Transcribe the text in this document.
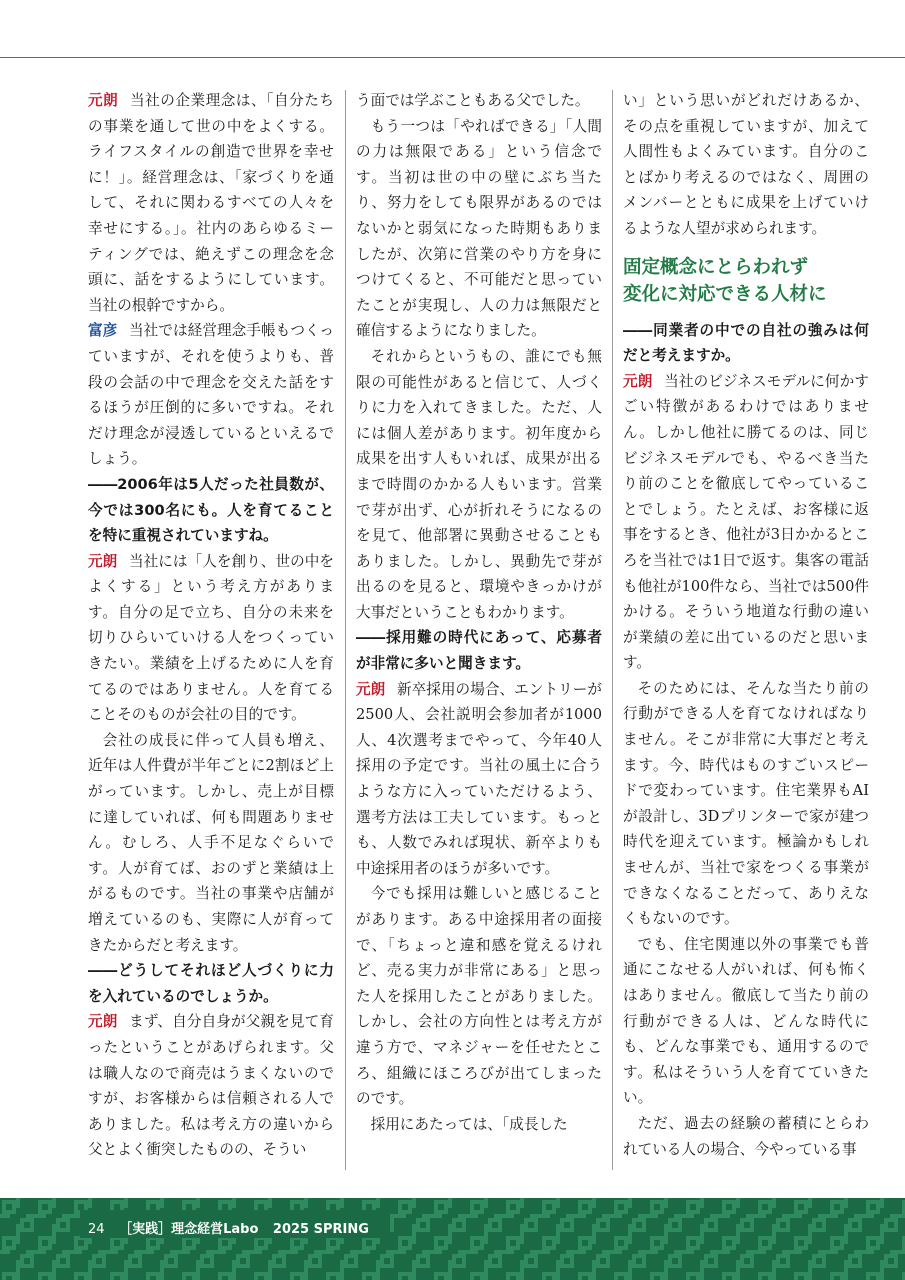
元朗 当社の企業理念は、「自分たちの事業を通して世の中をよくする。ライフスタイルの創造で世界を幸せに！」。経営理念は、「家づくりを通して、それに関わるすべての人々を幸せにする。」。社内のあらゆるミーティングでは、絶えずこの理念を念頭に、話をするようにしています。当社の根幹ですから。

富彦 当社では経営理念手帳もつくっていますが、それを使うよりも、普段の会話の中で理念を交えた話をするほうが圧倒的に多いですね。それだけ理念が浸透しているといえるでしょう。

――2006年は5人だった社員数が、今では300名にも。人を育てることを特に重視されていますね。

元朗 当社には「人を創り、世の中をよくする」という考え方があります。自分の足で立ち、自分の未来を切りひらいていける人をつくっていきたい。業績を上げるために人を育てるのではありません。人を育てることそのものが会社の目的です。

会社の成長に伴って人員も増え、近年は人件費が半年ごとに2割ほど上がっています。しかし、売上が目標に達していれば、何も問題ありません。むしろ、人手不足なぐらいです。人が育てば、おのずと業績は上がるものです。当社の事業や店舗が増えているのも、実際に人が育ってきたからだと考えます。

――どうしてそれほど人づくりに力を入れているのでしょうか。

元朗 まず、自分自身が父親を見て育ったということがあげられます。父は職人なので商売はうまくないのですが、お客様からは信頼される人でありました。私は考え方の違いから父とよく衝突したものの、そうい

う面では学ぶこともある父でした。

もう一つは「やればできる」「人間の力は無限である」という信念です。当初は世の中の壁にぶち当たり、努力をしても限界があるのではないかと弱気になった時期もありましたが、次第に営業のやり方を身につけてくると、不可能だと思っていたことが実現し、人の力は無限だと確信するようになりました。

それからというもの、誰にでも無限の可能性があると信じて、人づくりに力を入れてきました。ただ、人には個人差があります。初年度から成果を出す人もいれば、成果が出るまで時間のかかる人もいます。営業で芽が出ず、心が折れそうになるのを見て、他部署に異動させることもありました。しかし、異動先で芽が出るのを見ると、環境やきっかけが大事だということもわかります。

――採用難の時代にあって、応募者が非常に多いと聞きます。

元朗 新卒採用の場合、エントリーが2500人、会社説明会参加者が1000人、4次選考までやって、今年40人採用の予定です。当社の風土に合うような方に入っていただけるよう、選考方法は工夫しています。もっとも、人数でみれば現状、新卒よりも中途採用者のほうが多いです。

今でも採用は難しいと感じることがあります。ある中途採用者の面接で、「ちょっと違和感を覚えるけれど、売る実力が非常にある」と思った人を採用したことがありました。しかし、会社の方向性とは考え方が違う方で、マネジャーを任せたところ、組織にほころびが出てしまったのです。

採用にあたっては、「成長した

い」という思いがどれだけあるか、その点を重視していますが、加えて人間性もよくみています。自分のことばかり考えるのではなく、周囲のメンバーとともに成果を上げていけるような人望が求められます。

固定概念にとらわれず
変化に対応できる人材に

――同業者の中での自社の強みは何だと考えますか。

元朗 当社のビジネスモデルに何かすごい特徴があるわけではありません。しかし他社に勝てるのは、同じビジネスモデルでも、やるべき当たり前のことを徹底してやっていることでしょう。たとえば、お客様に返事をするとき、他社が3日かかるところを当社では1日で返す。集客の電話も他社が100件なら、当社では500件かける。そういう地道な行動の違いが業績の差に出ているのだと思います。

そのためには、そんな当たり前の行動ができる人を育てなければなりません。そこが非常に大事だと考えます。今、時代はものすごいスピードで変わっています。住宅業界もAIが設計し、3Dプリンターで家が建つ時代を迎えています。極論かもしれませんが、当社で家をつくる事業ができなくなることだって、ありえなくもないのです。

でも、住宅関連以外の事業でも普通にこなせる人がいれば、何も怖くはありません。徹底して当たり前の行動ができる人は、どんな時代にも、どんな事業でも、通用するのです。私はそういう人を育てていきたい。

ただ、過去の経験の蓄積にとらわれている人の場合、今やっている事

24 ［実践］理念経営Labo 2025 SPRING
